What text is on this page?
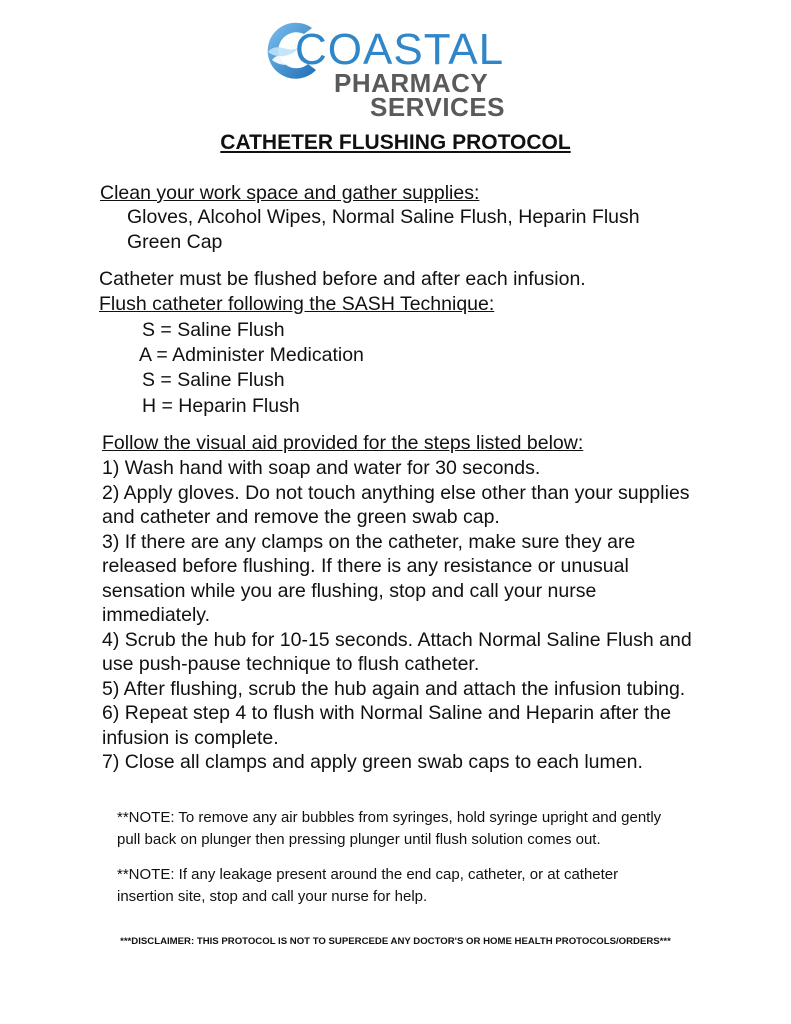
COASTAL
PHARMACY
SERVICES
CATHETER FLUSHING PROTOCOL
Clean your work space and gather supplies:
Gloves, Alcohol Wipes, Normal Saline Flush, Heparin Flush
Green Cap
Catheter must be flushed before and after each infusion.
Flush catheter following the SASH Technique:
S = Saline Flush
A = Administer Medication
S = Saline Flush
H = Heparin Flush
Follow the visual aid provided for the steps listed below:
1) Wash hand with soap and water for 30 seconds.
2) Apply gloves. Do not touch anything else other than your supplies
and catheter and remove the green swab cap.
3) If there are any clamps on the catheter, make sure they are
released before flushing. If there is any resistance or unusual
sensation while you are flushing, stop and call your nurse
immediately.
4) Scrub the hub for 10-15 seconds. Attach Normal Saline Flush and
use push-pause technique to flush catheter.
5) After flushing, scrub the hub again and attach the infusion tubing.
6) Repeat step 4 to flush with Normal Saline and Heparin after the
infusion is complete.
7) Close all clamps and apply green swab caps to each lumen.
**NOTE: To remove any air bubbles from syringes, hold syringe upright and gently
pull back on plunger then pressing plunger until flush solution comes out.
**NOTE: If any leakage present around the end cap, catheter, or at catheter
insertion site, stop and call your nurse for help.
***DISCLAIMER: THIS PROTOCOL IS NOT TO SUPERCEDE ANY DOCTOR'S OR HOME HEALTH PROTOCOLS/ORDERS***
